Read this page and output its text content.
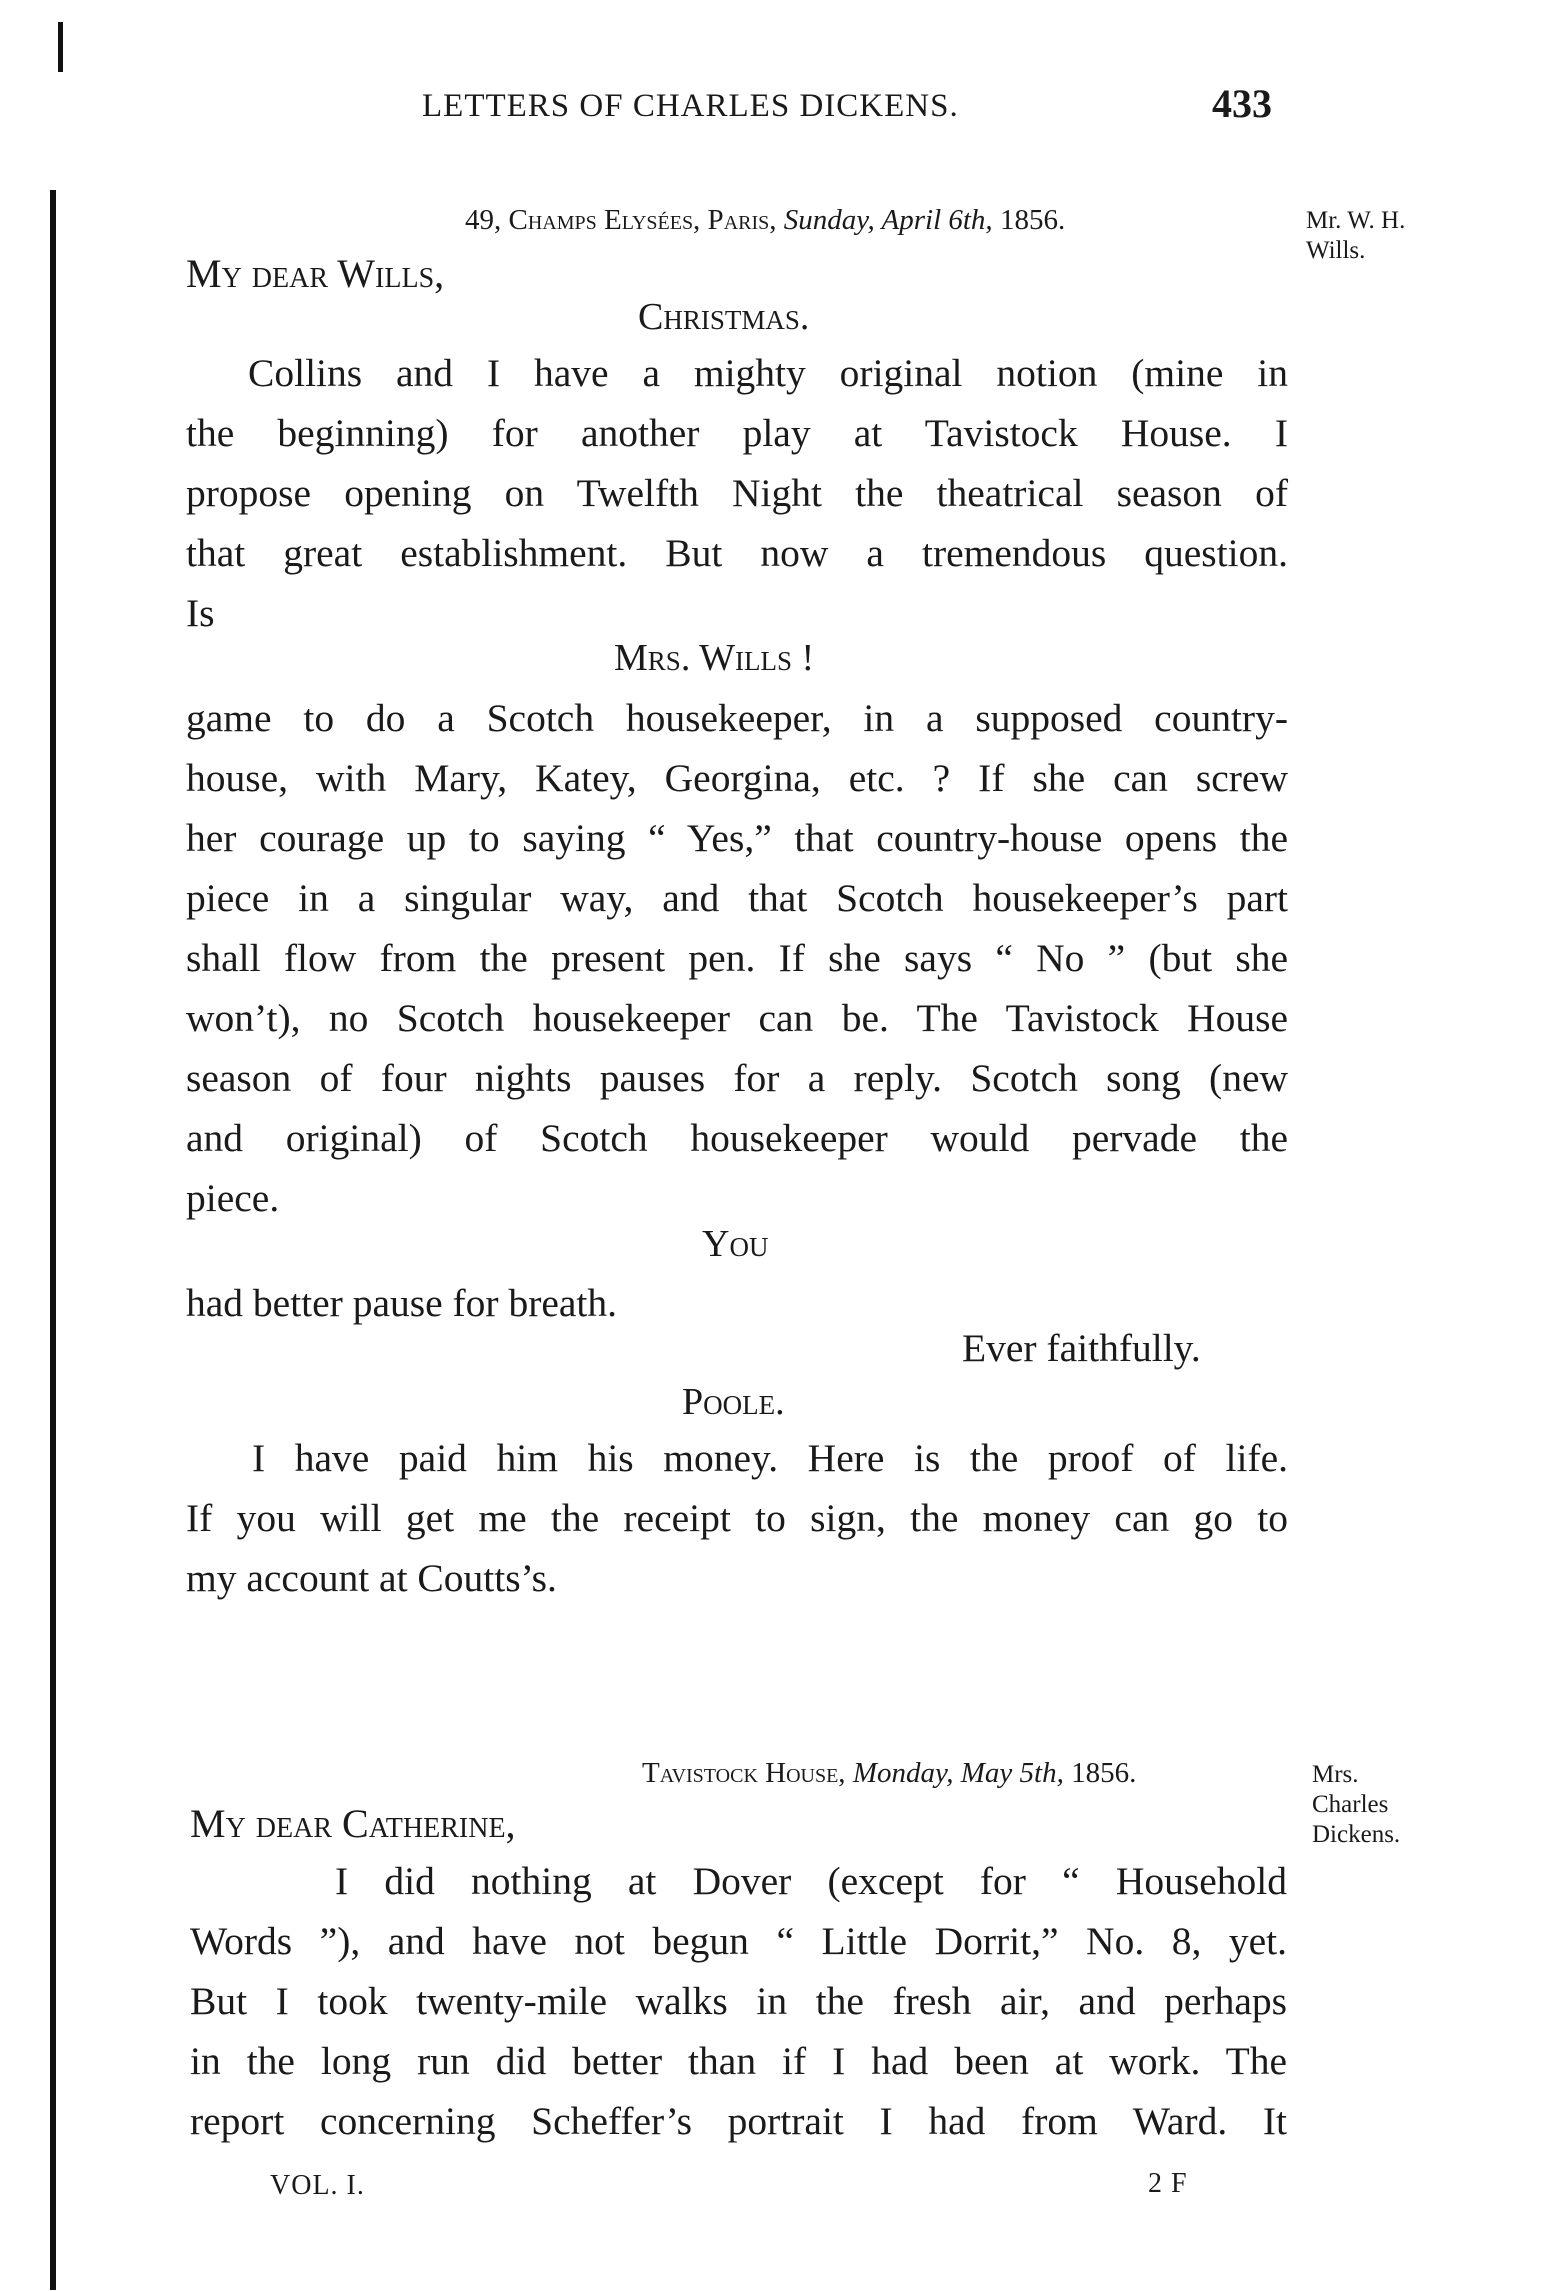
LETTERS OF CHARLES DICKENS.	433
49, Champs Elysées, Paris, Sunday, April 6th, 1856.	Mr. W. H. Wills.
My dear Wills,
Christmas.
Collins and I have a mighty original notion (mine in
the beginning) for another play at Tavistock House. I
propose opening on Twelfth Night the theatrical season of
that great establishment. But now a tremendous question.
Is
Mrs. Wills !
game to do a Scotch housekeeper, in a supposed country-
house, with Mary, Katey, Georgina, etc. ? If she can screw
her courage up to saying “ Yes,” that country-house opens the
piece in a singular way, and that Scotch housekeeper’s part
shall flow from the present pen. If she says “ No ” (but she
won’t), no Scotch housekeeper can be. The Tavistock House
season of four nights pauses for a reply. Scotch song (new
and original) of Scotch housekeeper would pervade the
piece.
You
had better pause for breath.
Ever faithfully.
Poole.
I have paid him his money. Here is the proof of life.
If you will get me the receipt to sign, the money can go to
my account at Coutts’s.
Tavistock House, Monday, May 5th, 1856.	Mrs. Charles Dickens.
My dear Catherine,
I did nothing at Dover (except for “ Household
Words ”), and have not begun “ Little Dorrit,” No. 8, yet.
But I took twenty-mile walks in the fresh air, and perhaps
in the long run did better than if I had been at work. The
report concerning Scheffer’s portrait I had from Ward. It
VOL. I.	2 F
